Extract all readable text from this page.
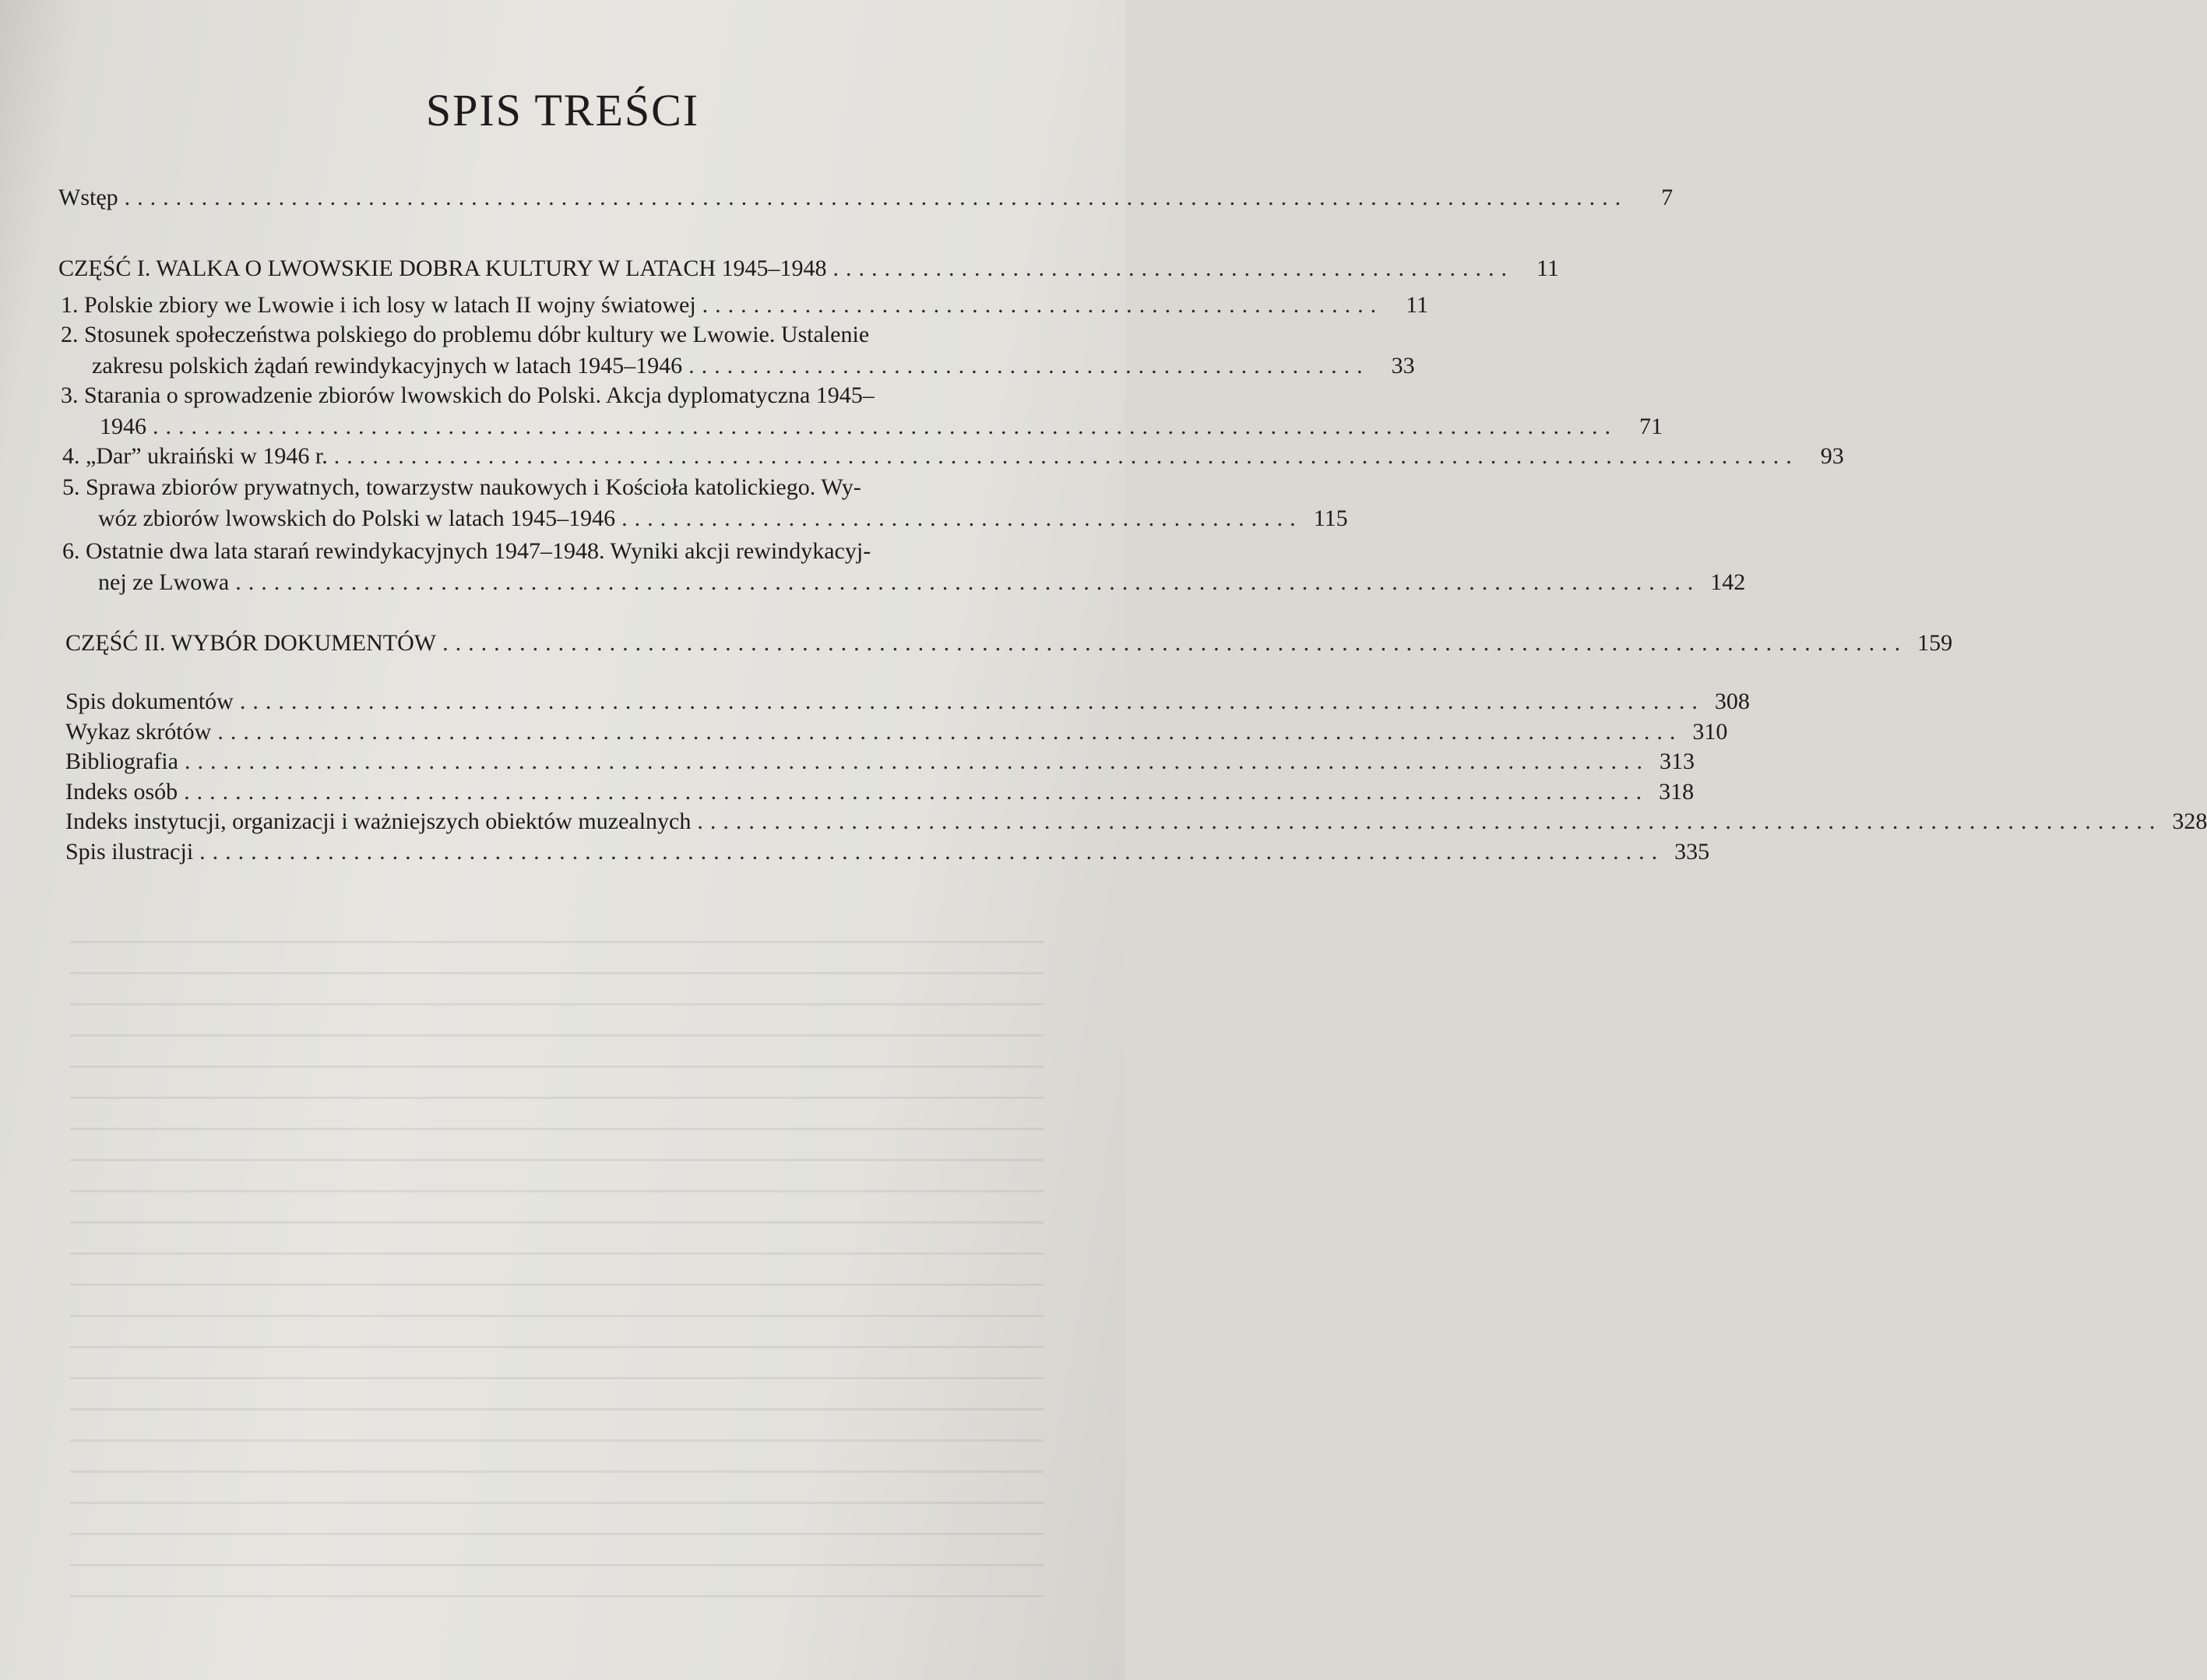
SPIS TREŚCI
Wstęp .....................................................................................................................	7
CZĘŚĆ I. WALKA O LWOWSKIE DOBRA KULTURY W LATACH 1945–1948 ..................................................... 11
1. Polskie zbiory we Lwowie i ich losy w latach II wojny światowej ..................................................... 11
2. Stosunek społeczeństwa polskiego do problemu dóbr kultury we Lwowie. Ustalenie
zakresu polskich żądań rewindykacyjnych w latach 1945–1946 ..................................................... 33
3. Starania o sprowadzenie zbiorów lwowskich do Polski. Akcja dyplomatyczna 1945–
1946 .................................................................................................................. 71
4. „Dar” ukraiński w 1946 r. .................................................................................................................. 93
5. Sprawa zbiorów prywatnych, towarzystw naukowych i Kościoła katolickiego. Wy-
wóz zbiorów lwowskich do Polski w latach 1945–1946 ..................................................... 115
6. Ostatnie dwa lata starań rewindykacyjnych 1947–1948. Wyniki akcji rewindykacyj-
nej ze Lwowa .................................................................................................................. 142
CZĘŚĆ II. WYBÓR DOKUMENTÓW .................................................................................................................. 159
Spis dokumentów .................................................................................................................. 308
Wykaz skrótów .................................................................................................................. 310
Bibliografia .................................................................................................................. 313
Indeks osób .................................................................................................................. 318
Indeks instytucji, organizacji i ważniejszych obiektów muzealnych .................................................................................................................. 328
Spis ilustracji .................................................................................................................. 335
